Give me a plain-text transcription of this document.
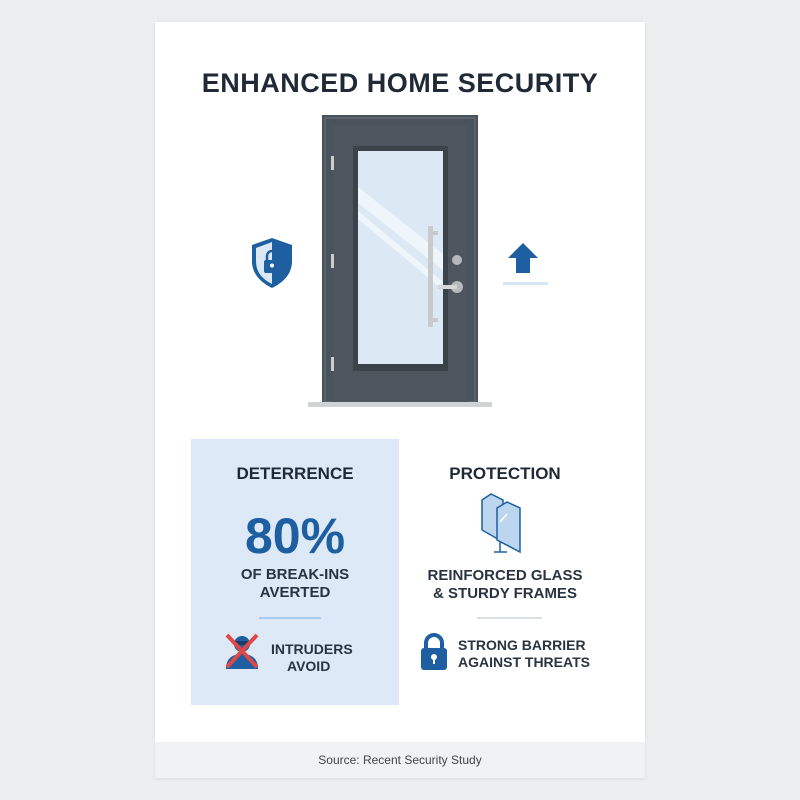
ENHANCED HOME SECURITY
DETERRENCE
80%
OF BREAK-INS
AVERTED
INTRUDERS
AVOID
PROTECTION
REINFORCED GLASS
& STURDY FRAMES
STRONG BARRIER
AGAINST THREATS
Source: Recent Security Study
